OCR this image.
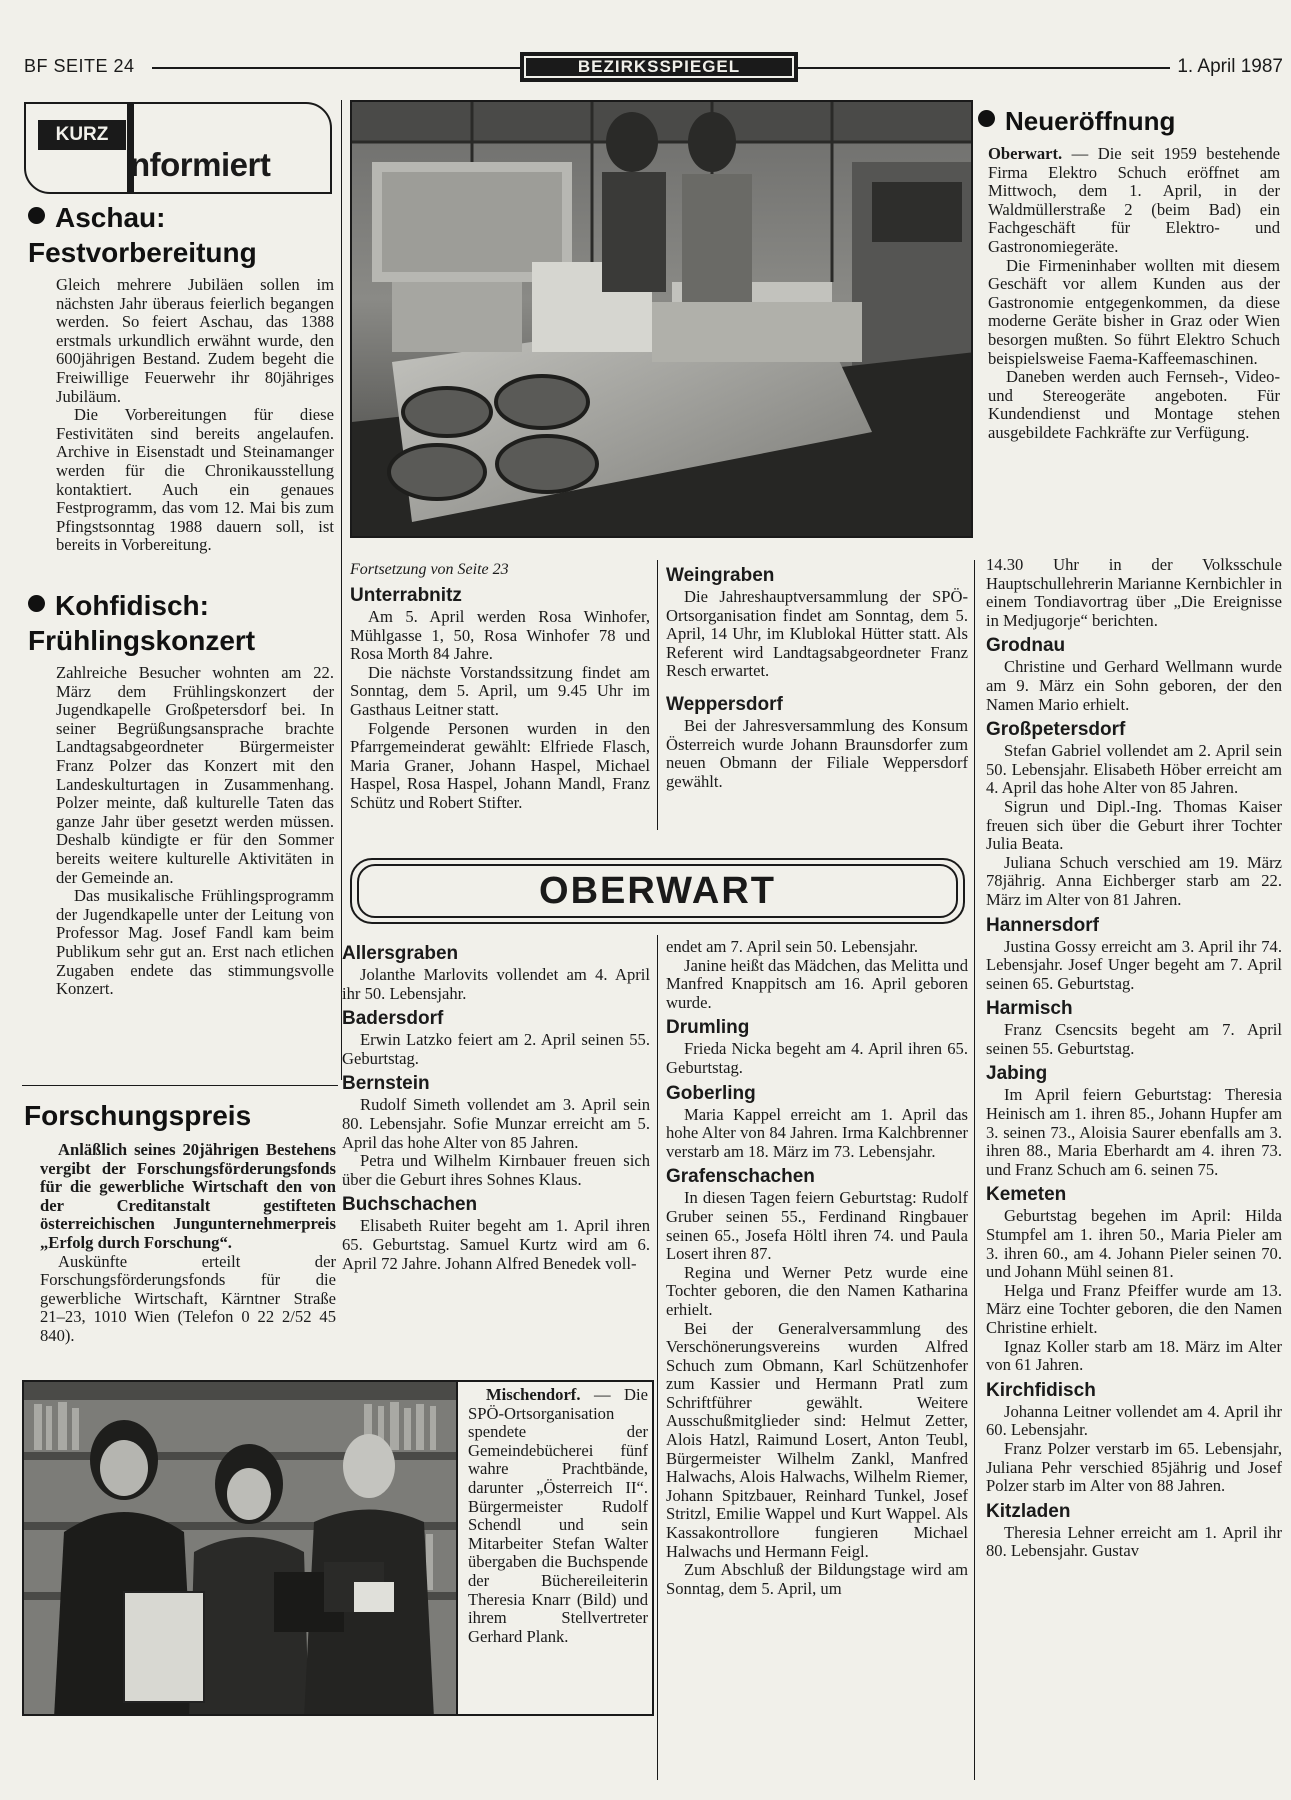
BF SEITE 24	BEZIRKSSPIEGEL	1. April 1987
KURZ
nformiert
Aschau:
Festvorbereitung

Gleich mehrere Jubiläen sollen im nächsten Jahr überaus feierlich begangen werden. So feiert Aschau, das 1388 erstmals urkundlich erwähnt wurde, den 600jährigen Bestand. Zudem begeht die Freiwillige Feuerwehr ihr 80jähriges Jubiläum.

Die Vorbereitungen für diese Festivitäten sind bereits angelaufen. Archive in Eisenstadt und Steinamanger werden für die Chronikausstellung kontaktiert. Auch ein genaues Festprogramm, das vom 12. Mai bis zum Pfingstsonntag 1988 dauern soll, ist bereits in Vorbereitung.

Kohfidisch:
Frühlingskonzert

Zahlreiche Besucher wohnten am 22. März dem Frühlingskonzert der Jugendkapelle Großpetersdorf bei. In seiner Begrüßungsansprache brachte Landtagsabgeordneter Bürgermeister Franz Polzer das Konzert mit den Landeskulturtagen in Zusammenhang. Polzer meinte, daß kulturelle Taten das ganze Jahr über gesetzt werden müssen. Deshalb kündigte er für den Sommer bereits weitere kulturelle Aktivitäten in der Gemeinde an.

Das musikalische Frühlingsprogramm der Jugendkapelle unter der Leitung von Professor Mag. Josef Fandl kam beim Publikum sehr gut an. Erst nach etlichen Zugaben endete das stimmungsvolle Konzert.

Forschungspreis

Anläßlich seines 20jährigen Bestehens vergibt der Forschungsförderungsfonds für die gewerbliche Wirtschaft den von der Creditanstalt gestifteten österreichischen Jungunternehmerpreis „Erfolg durch Forschung“.

Auskünfte erteilt der Forschungsförderungsfonds für die gewerbliche Wirtschaft, Kärntner Straße 21–23, 1010 Wien (Telefon 0 22 2/52 45 840).

Neueröffnung

Oberwart. — Die seit 1959 bestehende Firma Elektro Schuch eröffnet am Mittwoch, dem 1. April, in der Waldmüllerstraße 2 (beim Bad) ein Fachgeschäft für Elektro- und Gastronomiegeräte.

Die Firmeninhaber wollten mit diesem Geschäft vor allem Kunden aus der Gastronomie entgegenkommen, da diese moderne Geräte bisher in Graz oder Wien besorgen mußten. So führt Elektro Schuch beispielsweise Faema-Kaffeemaschinen.

Daneben werden auch Fernseh-, Video- und Stereogeräte angeboten. Für Kundendienst und Montage stehen ausgebildete Fachkräfte zur Verfügung.

Fortsetzung von Seite 23
Unterrabnitz

Am 5. April werden Rosa Winhofer, Mühlgasse 1, 50, Rosa Winhofer 78 und Rosa Morth 84 Jahre.

Die nächste Vorstandssitzung findet am Sonntag, dem 5. April, um 9.45 Uhr im Gasthaus Leitner statt.

Folgende Personen wurden in den Pfarrgemeinderat gewählt: Elfriede Flasch, Maria Graner, Johann Haspel, Michael Haspel, Rosa Haspel, Johann Mandl, Franz Schütz und Robert Stifter.

Weingraben

Die Jahreshauptversammlung der SPÖ-Ortsorganisation findet am Sonntag, dem 5. April, 14 Uhr, im Klublokal Hütter statt. Als Referent wird Landtagsabgeordneter Franz Resch erwartet.

Weppersdorf

Bei der Jahresversammlung des Konsum Österreich wurde Johann Braunsdorfer zum neuen Obmann der Filiale Weppersdorf gewählt.

14.30 Uhr in der Volksschule Hauptschullehrerin Marianne Kernbichler in einem Tondiavortrag über „Die Ereignisse in Medjugorje“ berichten.

Grodnau

Christine und Gerhard Wellmann wurde am 9. März ein Sohn geboren, der den Namen Mario erhielt.

Großpetersdorf

Stefan Gabriel vollendet am 2. April sein 50. Lebensjahr. Elisabeth Höber erreicht am 4. April das hohe Alter von 85 Jahren.

Sigrun und Dipl.-Ing. Thomas Kaiser freuen sich über die Geburt ihrer Tochter Julia Beata.

Juliana Schuch verschied am 19. März 78jährig. Anna Eichberger starb am 22. März im Alter von 81 Jahren.

Hannersdorf

Justina Gossy erreicht am 3. April ihr 74. Lebensjahr. Josef Unger begeht am 7. April seinen 65. Geburtstag.

Harmisch

Franz Csencsits begeht am 7. April seinen 55. Geburtstag.

Jabing

Im April feiern Geburtstag: Theresia Heinisch am 1. ihren 85., Johann Hupfer am 3. seinen 73., Aloisia Saurer ebenfalls am 3. ihren 88., Maria Eberhardt am 4. ihren 73. und Franz Schuch am 6. seinen 75.

Kemeten

Geburtstag begehen im April: Hilda Stumpfel am 1. ihren 50., Maria Pieler am 3. ihren 60., am 4. Johann Pieler seinen 70. und Johann Mühl seinen 81.

Helga und Franz Pfeiffer wurde am 13. März eine Tochter geboren, die den Namen Christine erhielt.

Ignaz Koller starb am 18. März im Alter von 61 Jahren.

Kirchfidisch

Johanna Leitner vollendet am 4. April ihr 60. Lebensjahr.

Franz Polzer verstarb im 65. Lebensjahr, Juliana Pehr verschied 85jährig und Josef Polzer starb im Alter von 88 Jahren.

Kitzladen

Theresia Lehner erreicht am 1. April ihr 80. Lebensjahr. Gustav

OBERWART
Allersgraben

Jolanthe Marlovits vollendet am 4. April ihr 50. Lebensjahr.

Badersdorf

Erwin Latzko feiert am 2. April seinen 55. Geburtstag.

Bernstein

Rudolf Simeth vollendet am 3. April sein 80. Lebensjahr. Sofie Munzar erreicht am 5. April das hohe Alter von 85 Jahren.

Petra und Wilhelm Kirnbauer freuen sich über die Geburt ihres Sohnes Klaus.

Buchschachen

Elisabeth Ruiter begeht am 1. April ihren 65. Geburtstag. Samuel Kurtz wird am 6. April 72 Jahre. Johann Alfred Benedek voll-

endet am 7. April sein 50. Lebensjahr.

Janine heißt das Mädchen, das Melitta und Manfred Knappitsch am 16. April geboren wurde.

Drumling

Frieda Nicka begeht am 4. April ihren 65. Geburtstag.

Goberling

Maria Kappel erreicht am 1. April das hohe Alter von 84 Jahren. Irma Kalchbrenner verstarb am 18. März im 73. Lebensjahr.

Grafenschachen

In diesen Tagen feiern Geburtstag: Rudolf Gruber seinen 55., Ferdinand Ringbauer seinen 65., Josefa Höltl ihren 74. und Paula Losert ihren 87.

Regina und Werner Petz wurde eine Tochter geboren, die den Namen Katharina erhielt.

Bei der Generalversammlung des Verschönerungsvereins wurden Alfred Schuch zum Obmann, Karl Schützenhofer zum Kassier und Hermann Pratl zum Schriftführer gewählt. Weitere Ausschußmitglieder sind: Helmut Zetter, Alois Hatzl, Raimund Losert, Anton Teubl, Bürgermeister Wilhelm Zankl, Manfred Halwachs, Alois Halwachs, Wilhelm Riemer, Johann Spitzbauer, Reinhard Tunkel, Josef Stritzl, Emilie Wappel und Kurt Wappel. Als Kassakontrollore fungieren Michael Halwachs und Hermann Feigl.

Zum Abschluß der Bildungstage wird am Sonntag, dem 5. April, um

Mischendorf. — Die SPÖ-Ortsorganisation spendete der Gemeindebücherei fünf wahre Prachtbände, darunter „Österreich II“. Bürgermeister Rudolf Schendl und sein Mitarbeiter Stefan Walter übergaben die Buchspende der Büchereileiterin Theresia Knarr (Bild) und ihrem Stellvertreter Gerhard Plank.
